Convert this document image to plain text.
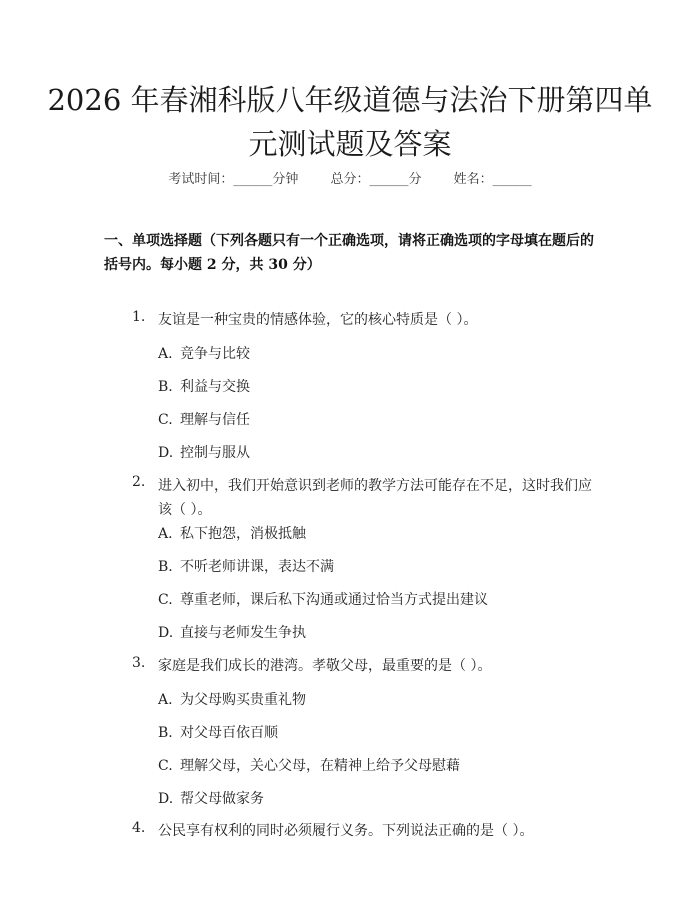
2026 年春湘科版八年级道德与法治下册第四单元测试题及答案
考试时间：______分钟 总分：______分 姓名：______
一、单项选择题（下列各题只有一个正确选项，请将正确选项的字母填在题后的括号内。每小题 2 分，共 30 分）
1. 友谊是一种宝贵的情感体验，它的核心特质是（ ）。
A. 竞争与比较
B. 利益与交换
C. 理解与信任
D. 控制与服从
2. 进入初中，我们开始意识到老师的教学方法可能存在不足，这时我们应该（ ）。
A. 私下抱怨，消极抵触
B. 不听老师讲课，表达不满
C. 尊重老师，课后私下沟通或通过恰当方式提出建议
D. 直接与老师发生争执
3. 家庭是我们成长的港湾。孝敬父母，最重要的是（ ）。
A. 为父母购买贵重礼物
B. 对父母百依百顺
C. 理解父母，关心父母，在精神上给予父母慰藉
D. 帮父母做家务
4. 公民享有权利的同时必须履行义务。下列说法正确的是（ ）。
